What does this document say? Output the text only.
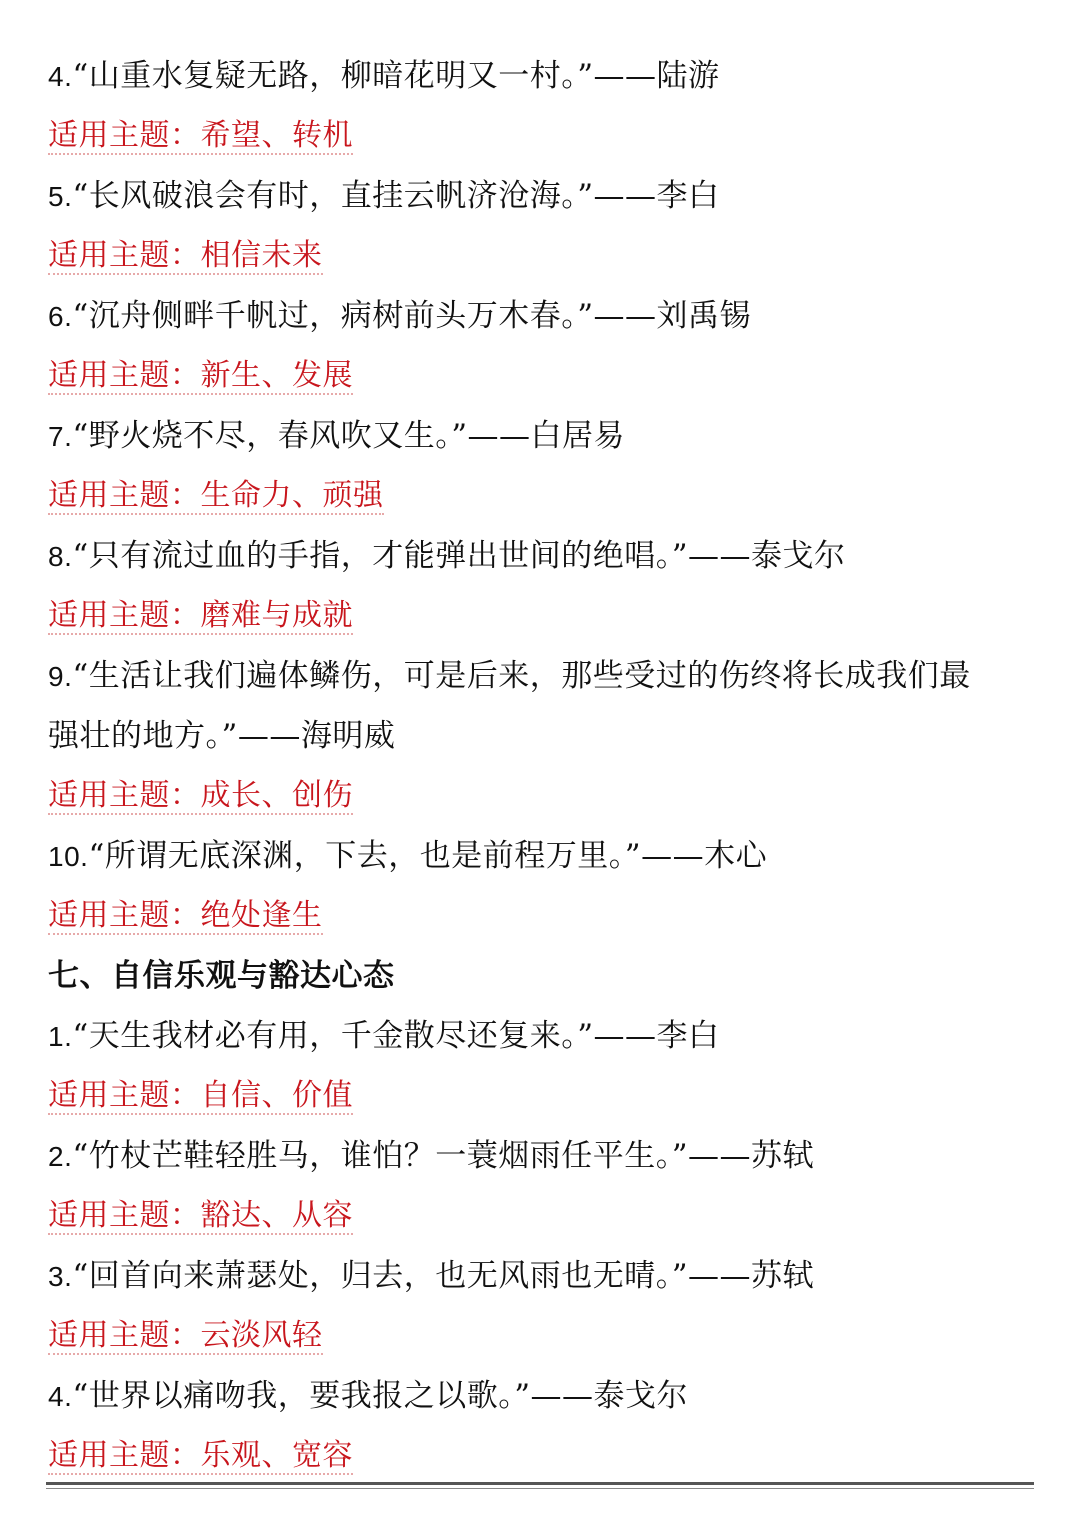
4.“山重水复疑无路，柳暗花明又一村。”——陆游
适用主题：希望、转机
5.“长风破浪会有时，直挂云帆济沧海。”——李白
适用主题：相信未来
6.“沉舟侧畔千帆过，病树前头万木春。”——刘禹锡
适用主题：新生、发展
7.“野火烧不尽，春风吹又生。”——白居易
适用主题：生命力、顽强
8.“只有流过血的手指，才能弹出世间的绝唱。”——泰戈尔
适用主题：磨难与成就
9.“生活让我们遍体鳞伤，可是后来，那些受过的伤终将长成我们最
强壮的地方。”——海明威
适用主题：成长、创伤
10.“所谓无底深渊，下去，也是前程万里。”——木心
适用主题：绝处逢生
七、自信乐观与豁达心态
1.“天生我材必有用，千金散尽还复来。”——李白
适用主题：自信、价值
2.“竹杖芒鞋轻胜马，谁怕？一蓑烟雨任平生。”——苏轼
适用主题：豁达、从容
3.“回首向来萧瑟处，归去，也无风雨也无晴。”——苏轼
适用主题：云淡风轻
4.“世界以痛吻我，要我报之以歌。”——泰戈尔
适用主题：乐观、宽容
